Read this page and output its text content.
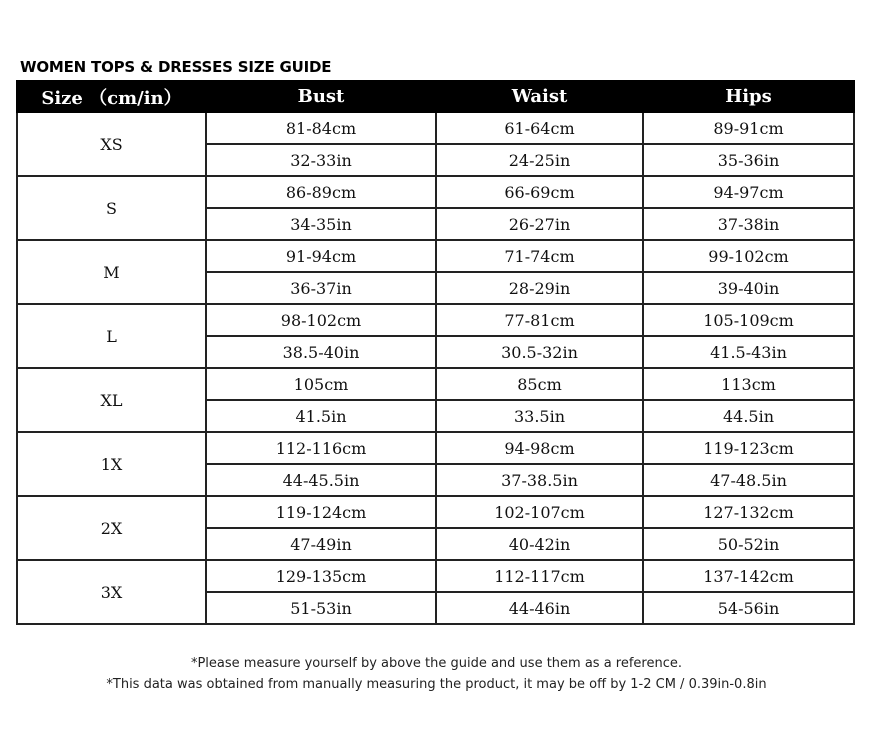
WOMEN TOPS & DRESSES SIZE GUIDE
Size （cm/in）	Bust	Waist	Hips
XS	81-84cm	61-64cm	89-91cm
	32-33in	24-25in	35-36in
S	86-89cm	66-69cm	94-97cm
	34-35in	26-27in	37-38in
M	91-94cm	71-74cm	99-102cm
	36-37in	28-29in	39-40in
L	98-102cm	77-81cm	105-109cm
	38.5-40in	30.5-32in	41.5-43in
XL	105cm	85cm	113cm
	41.5in	33.5in	44.5in
1X	112-116cm	94-98cm	119-123cm
	44-45.5in	37-38.5in	47-48.5in
2X	119-124cm	102-107cm	127-132cm
	47-49in	40-42in	50-52in
3X	129-135cm	112-117cm	137-142cm
	51-53in	44-46in	54-56in
*Please measure yourself by above the guide and use them as a reference.
*This data was obtained from manually measuring the product, it may be off by 1-2 CM / 0.39in-0.8in
